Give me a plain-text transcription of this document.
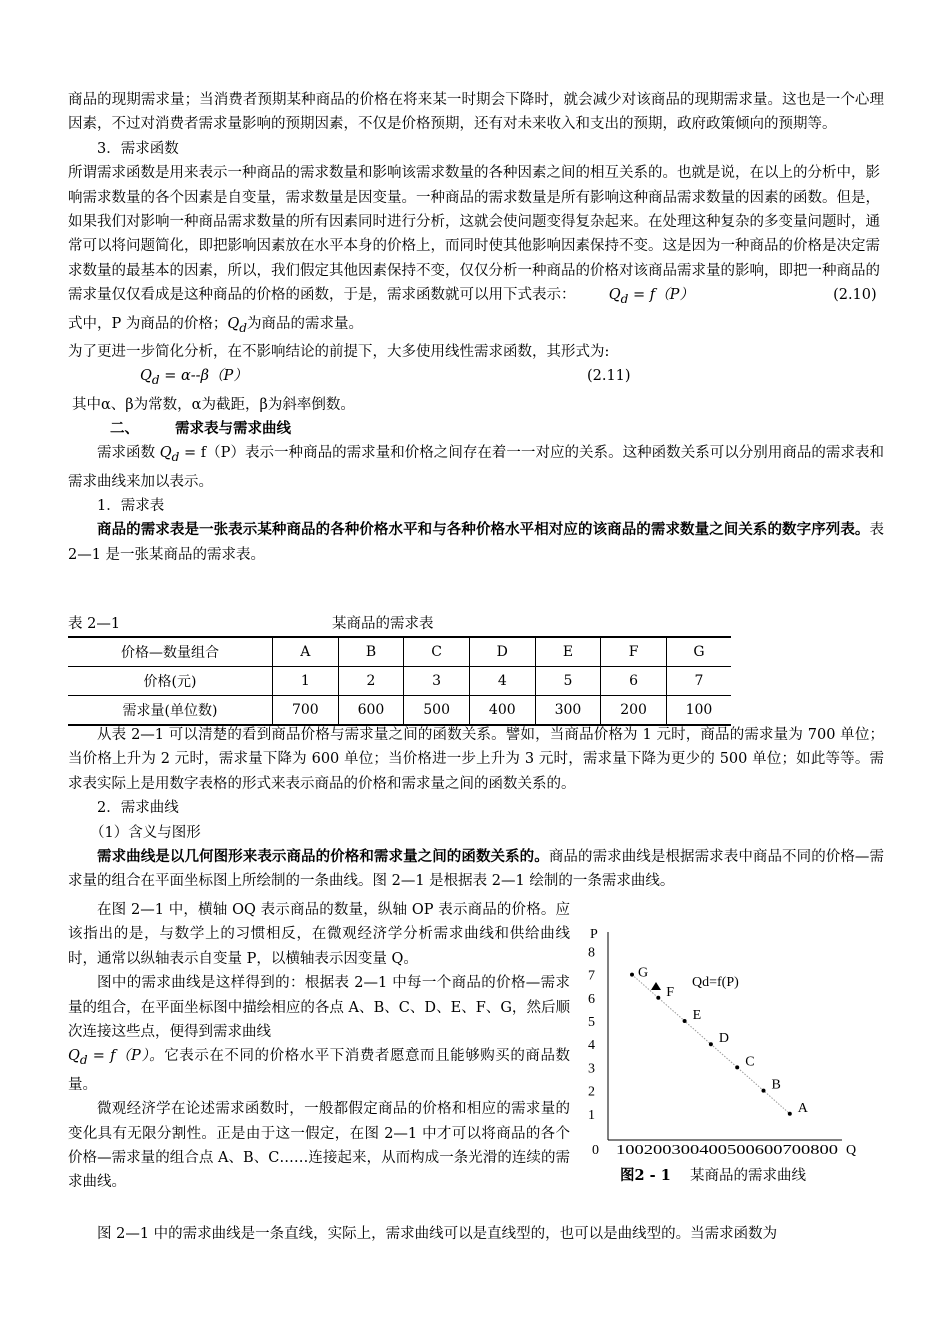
商品的现期需求量；当消费者预期某种商品的价格在将来某一时期会下降时，就会减少对该商品的现期需求量。这也是一个心理因素，不过对消费者需求量影响的预期因素，不仅是价格预期，还有对未来收入和支出的预期，政府政策倾向的预期等。

3．需求函数

所谓需求函数是用来表示一种商品的需求数量和影响该需求数量的各种因素之间的相互关系的。也就是说，在以上的分析中，影响需求数量的各个因素是自变量，需求数量是因变量。一种商品的需求数量是所有影响这种商品需求数量的因素的函数。但是，如果我们对影响一种商品需求数量的所有因素同时进行分析，这就会使问题变得复杂起来。在处理这种复杂的多变量问题时，通常可以将问题简化，即把影响因素放在水平本身的价格上，而同时使其他影响因素保持不变。这是因为一种商品的价格是决定需求数量的最基本的因素，所以，我们假定其他因素保持不变，仅仅分析一种商品的价格对该商品需求量的影响，即把一种商品的需求量仅仅看成是这种商品的价格的函数，于是，需求函数就可以用下式表示：

$Q_d = f(P)$	(2.10)

式中，P 为商品的价格；$Q_d$为商品的需求量。

为了更进一步简化分析，在不影响结论的前提下，大多使用线性需求函数，其形式为:

$Q_d = \alpha--\beta(P)$	(2.11)

其中α、β为常数，α为截距，β为斜率倒数。

二、 需求表与需求曲线

需求函数 $Q_d = f(P)$表示一种商品的需求量和价格之间存在着一一对应的关系。这种函数关系可以分别用商品的需求表和需求曲线来加以表示。

1．需求表

商品的需求表是一张表示某种商品的各种价格水平和与各种价格水平相对应的该商品的需求数量之间关系的数字序列表。表 2—1 是一张某商品的需求表。

表 2—1	某商品的需求表
价格—数量组合	A	B	C	D	E	F	G
价格(元)	1	2	3	4	5	6	7
需求量(单位数)	700	600	500	400	300	200	100

从表 2—1 可以清楚的看到商品价格与需求量之间的函数关系。譬如，当商品价格为 1 元时，商品的需求量为 700 单位；当价格上升为 2 元时，需求量下降为 600 单位；当价格进一步上升为 3 元时，需求量下降为更少的 500 单位；如此等等。需求表实际上是用数字表格的形式来表示商品的价格和需求量之间的函数关系的。

2．需求曲线

（1）含义与图形

需求曲线是以几何图形来表示商品的价格和需求量之间的函数关系的。商品的需求曲线是根据需求表中商品不同的价格—需求量的组合在平面坐标图上所绘制的一条曲线。图 2—1 是根据表 2—1 绘制的一条需求曲线。

在图 2—1 中，横轴 OQ 表示商品的数量，纵轴 OP 表示商品的价格。应该指出的是，与数学上的习惯相反，在微观经济学分析需求曲线和供给曲线时，通常以纵轴表示自变量 P，以横轴表示因变量 Q。

图中的需求曲线是这样得到的：根据表 2—1 中每一个商品的价格—需求量的组合，在平面坐标图中描绘相应的各点 A、B、C、D、E、F、G，然后顺次连接这些点，便得到需求曲线
$Q_d = f(P)$。它表示在不同的价格水平下消费者愿意而且能够购买的商品数量。

微观经济学在论述需求函数时，一般都假定商品的价格和相应的需求量的变化具有无限分割性。正是由于这一假定，在图 2—1 中才可以将商品的各个价格—需求量的组合点 A、B、C……连接起来，从而构成一条光滑的连续的需求曲线。

图 2—1 中的需求曲线是一条直线，实际上，需求曲线可以是直线型的，也可以是曲线型的。当需求函数为

P
Q
0
Qd=f(P)
1
2
3
4
5
6
7
8
100200300400500600700800
G
F
E
D
C
B
A
图2 - 1 某商品的需求曲线
